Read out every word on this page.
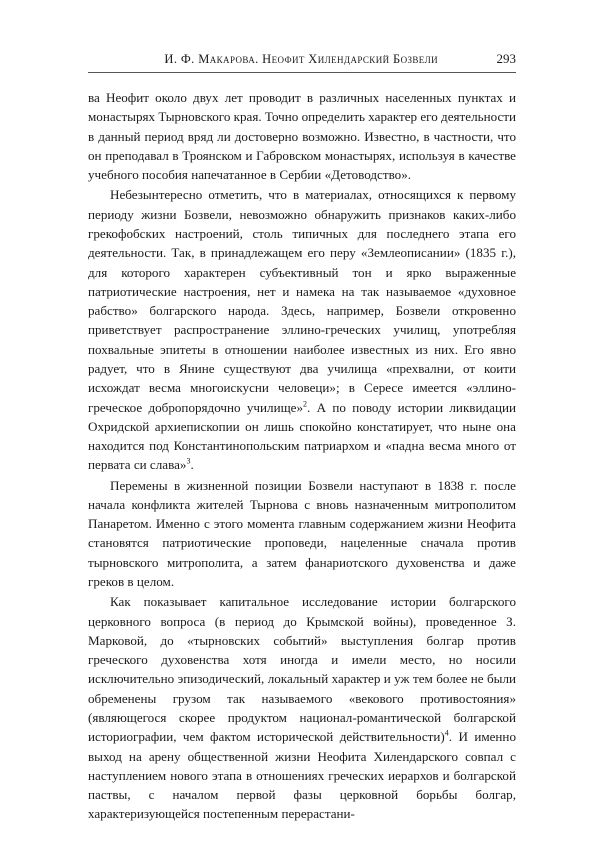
И. Ф. Макарова. Неофит Хилендарский Бозвели	293

ва Неофит около двух лет проводит в различных населенных пунктах и монастырях Тырновского края. Точно определить характер его деятельности в данный период вряд ли достоверно возможно. Известно, в частности, что он преподавал в Троянском и Габровском монастырях, используя в качестве учебного пособия напечатанное в Сербии «Детоводство».

Небезынтересно отметить, что в материалах, относящихся к первому периоду жизни Бозвели, невозможно обнаружить признаков каких-либо грекофобских настроений, столь типичных для последнего этапа его деятельности. Так, в принадлежащем его перу «Землеописании» (1835 г.), для которого характерен субъективный тон и ярко выраженные патриотические настроения, нет и намека на так называемое «духовное рабство» болгарского народа. Здесь, например, Бозвели откровенно приветствует распространение эллино-греческих училищ, употребляя похвальные эпитеты в отношении наиболее известных из них. Его явно радует, что в Янине существуют два училища «прехвални, от коити исхождат весма многоискусни человеци»; в Сересе имеется «эллино-греческое добропорядочно училище»$^2$. А по поводу истории ликвидации Охридской архиепископии он лишь спокойно констатирует, что ныне она находится под Константинопольским патриархом и «падна весма много от первата си слава»$^3$.

Перемены в жизненной позиции Бозвели наступают в 1838 г. после начала конфликта жителей Тырнова с вновь назначенным митрополитом Панаретом. Именно с этого момента главным содержанием жизни Неофита становятся патриотические проповеди, нацеленные сначала против тырновского митрополита, а затем фанариотского духовенства и даже греков в целом.

Как показывает капитальное исследование истории болгарского церковного вопроса (в период до Крымской войны), проведенное З. Марковой, до «тырновских событий» выступления болгар против греческого духовенства хотя иногда и имели место, но носили исключительно эпизодический, локальный характер и уж тем более не были обременены грузом так называемого «векового противостояния» (являющегося скорее продуктом национал-романтической болгарской историографии, чем фактом исторической действительности)$^4$. И именно выход на арену общественной жизни Неофита Хилендарского совпал с наступлением нового этапа в отношениях греческих иерархов и болгарской паствы, с началом первой фазы церковной борьбы болгар, характеризующейся постепенным перерастани-
